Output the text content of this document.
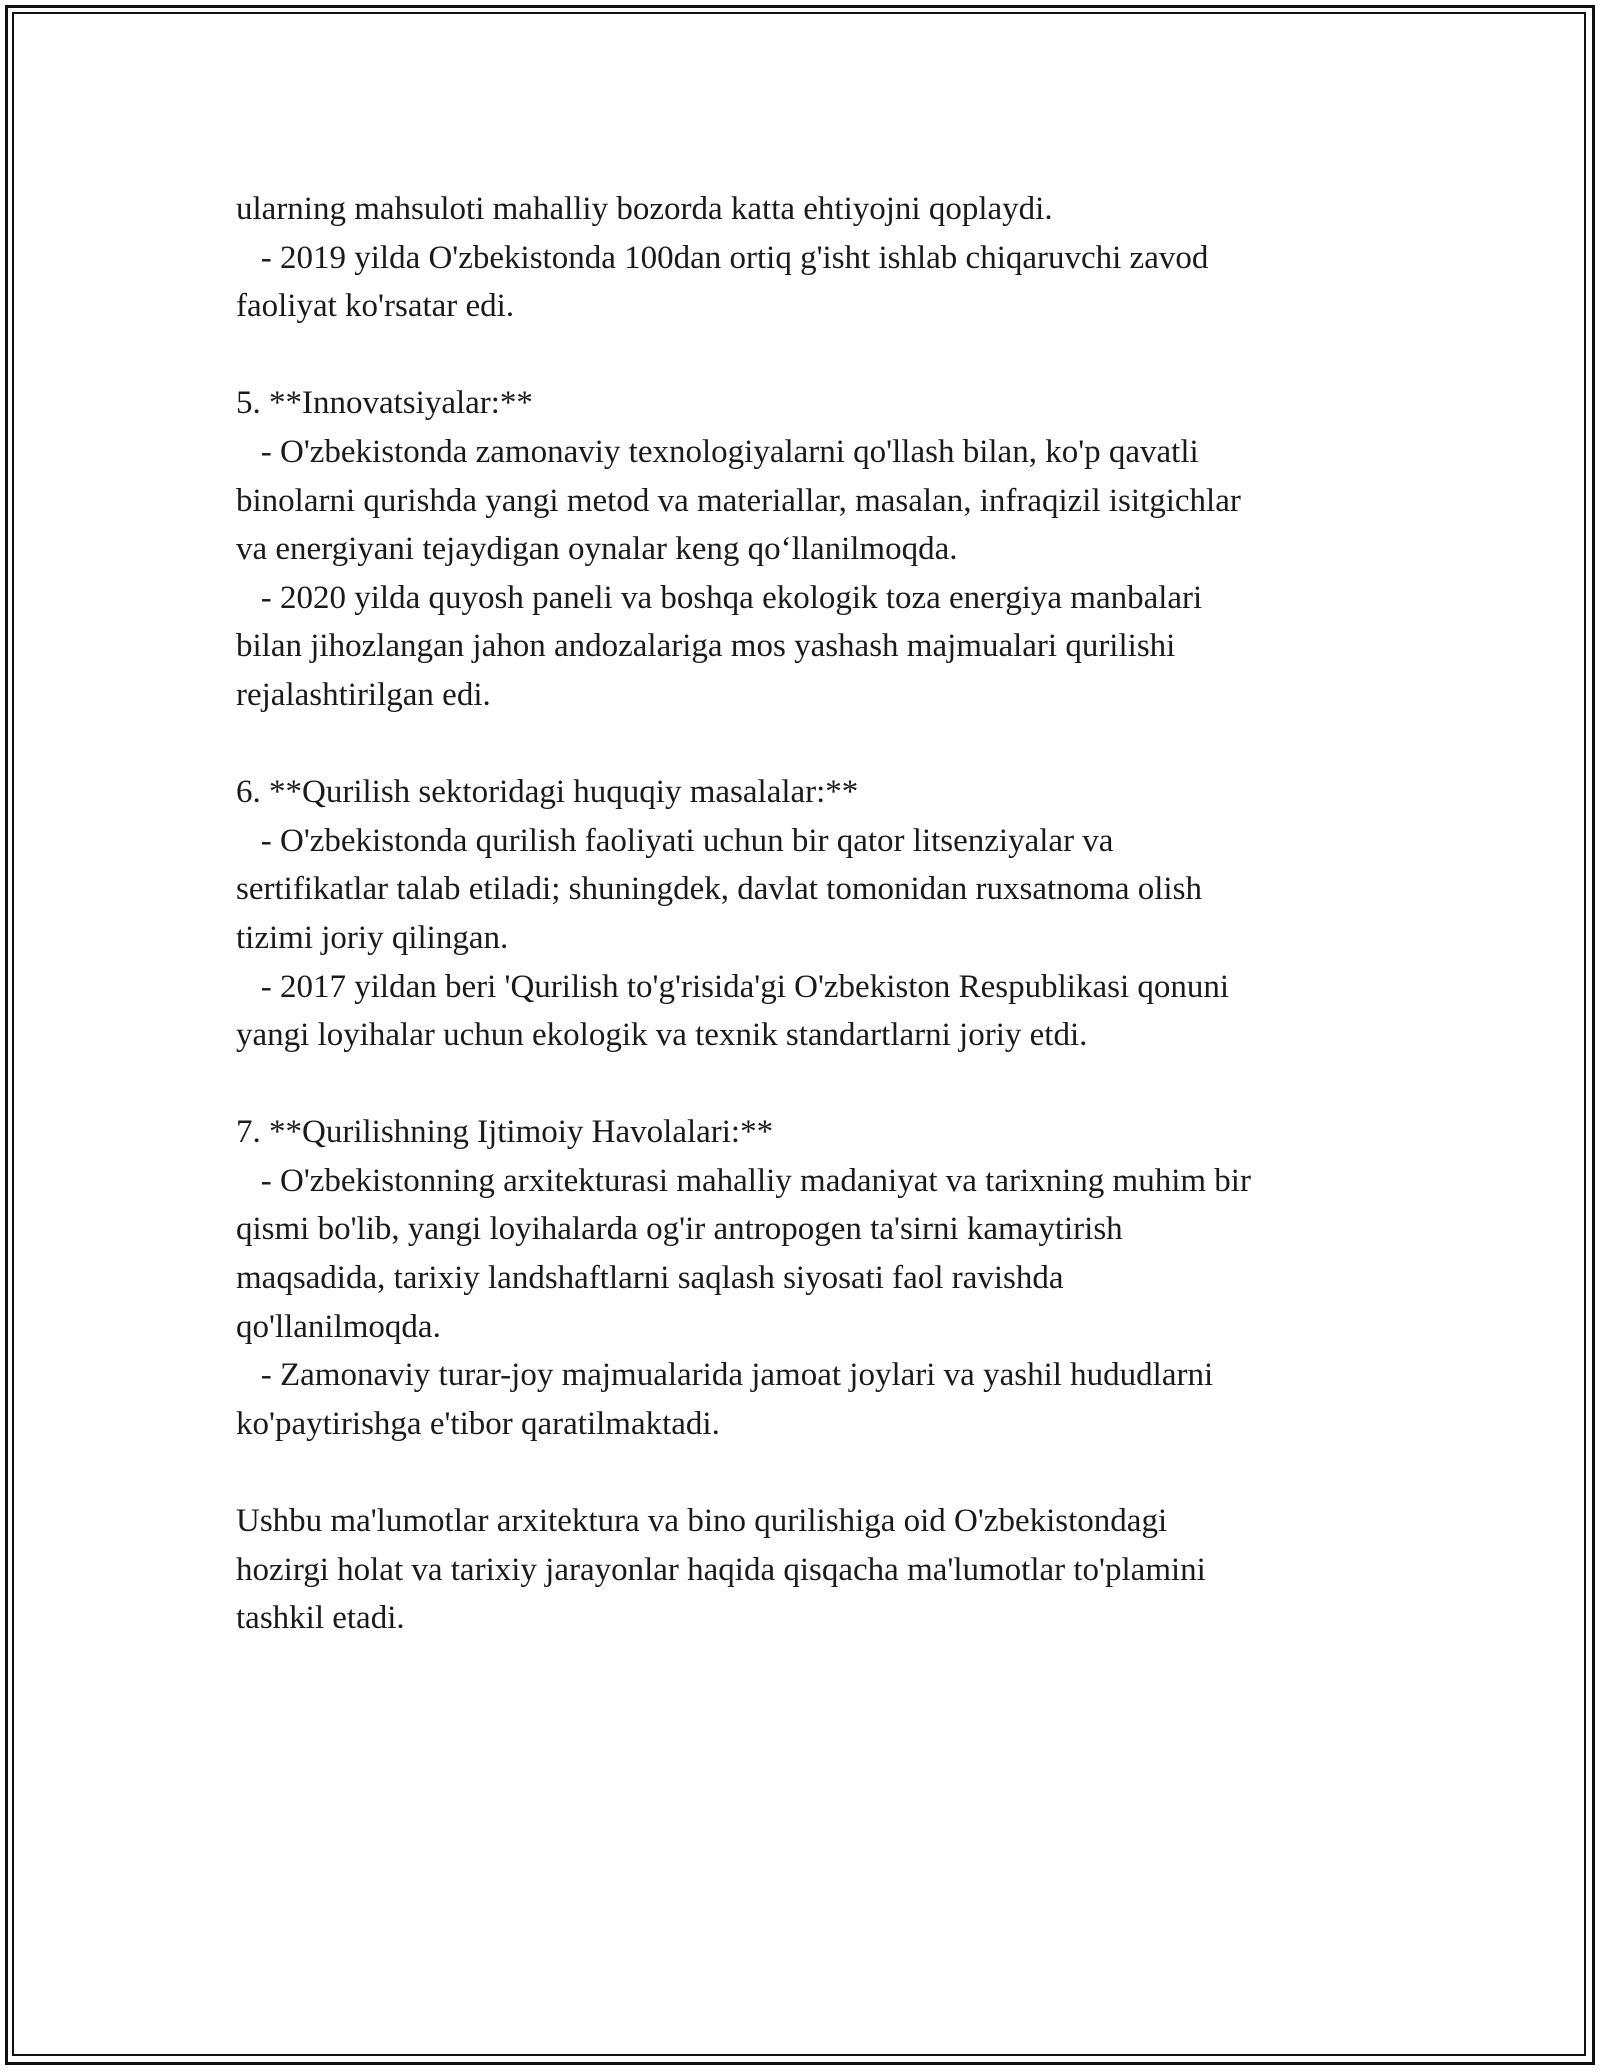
ularning mahsuloti mahalliy bozorda katta ehtiyojni qoplaydi.
- 2019 yilda O'zbekistonda 100dan ortiq g'isht ishlab chiqaruvchi zavod
faoliyat ko'rsatar edi.
5. **Innovatsiyalar:**
- O'zbekistonda zamonaviy texnologiyalarni qo'llash bilan, ko'p qavatli
binolarni qurishda yangi metod va materiallar, masalan, infraqizil isitgichlar
va energiyani tejaydigan oynalar keng qo‘llanilmoqda.
- 2020 yilda quyosh paneli va boshqa ekologik toza energiya manbalari
bilan jihozlangan jahon andozalariga mos yashash majmualari qurilishi
rejalashtirilgan edi.
6. **Qurilish sektoridagi huquqiy masalalar:**
- O'zbekistonda qurilish faoliyati uchun bir qator litsenziyalar va
sertifikatlar talab etiladi; shuningdek, davlat tomonidan ruxsatnoma olish
tizimi joriy qilingan.
- 2017 yildan beri 'Qurilish to'g'risida'gi O'zbekiston Respublikasi qonuni
yangi loyihalar uchun ekologik va texnik standartlarni joriy etdi.
7. **Qurilishning Ijtimoiy Havolalari:**
- O'zbekistonning arxitekturasi mahalliy madaniyat va tarixning muhim bir
qismi bo'lib, yangi loyihalarda og'ir antropogen ta'sirni kamaytirish
maqsadida, tarixiy landshaftlarni saqlash siyosati faol ravishda
qo'llanilmoqda.
- Zamonaviy turar-joy majmualarida jamoat joylari va yashil hududlarni
ko'paytirishga e'tibor qaratilmaktadi.
Ushbu ma'lumotlar arxitektura va bino qurilishiga oid O'zbekistondagi
hozirgi holat va tarixiy jarayonlar haqida qisqacha ma'lumotlar to'plamini
tashkil etadi.
